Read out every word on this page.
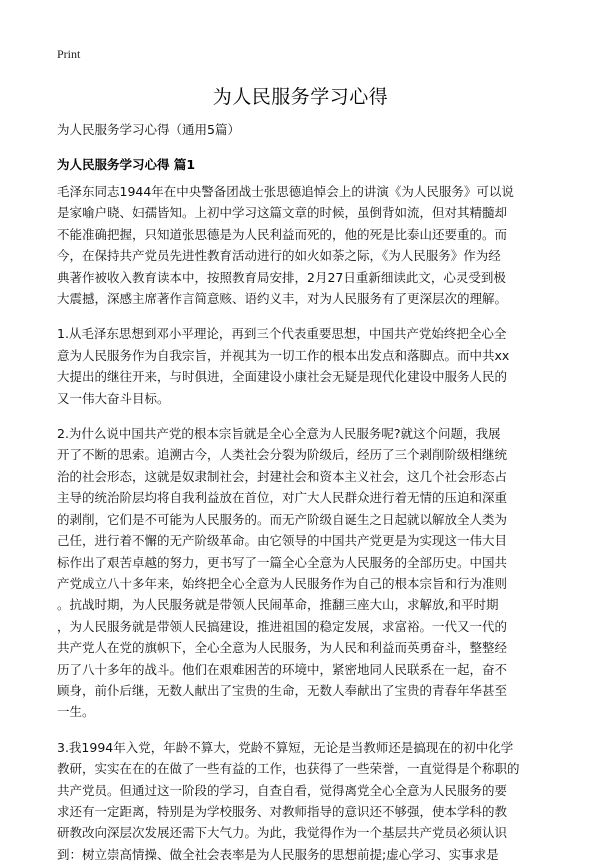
Print
为人民服务学习心得
为人民服务学习心得（通用5篇）
为人民服务学习心得 篇1

毛泽东同志1944年在中央警备团战士张思德追悼会上的讲演《为人民服务》可以说
是家喻户晓、妇孺皆知。上初中学习这篇文章的时候，虽倒背如流，但对其精髓却
不能准确把握，只知道张思德是为人民利益而死的，他的死是比泰山还要重的。而
今，在保持共产党员先进性教育活动进行的如火如荼之际，《为人民服务》作为经
典著作被收入教育读本中，按照教育局安排，2月27日重新细读此文，心灵受到极
大震撼，深感主席著作言简意赅、语约义丰，对为人民服务有了更深层次的理解。

1.从毛泽东思想到邓小平理论，再到三个代表重要思想，中国共产党始终把全心全
意为人民服务作为自我宗旨，并视其为一切工作的根本出发点和落脚点。而中共xx
大提出的继往开来，与时俱进，全面建设小康社会无疑是现代化建设中服务人民的
又一伟大奋斗目标。

2.为什么说中国共产党的根本宗旨就是全心全意为人民服务呢?就这个问题，我展
开了不断的思索。追溯古今，人类社会分裂为阶级后，经历了三个剥削阶级相继统
治的社会形态，这就是奴隶制社会，封建社会和资本主义社会，这几个社会形态占
主导的统治阶层均将自我利益放在首位，对广大人民群众进行着无情的压迫和深重
的剥削，它们是不可能为人民服务的。而无产阶级自诞生之日起就以解放全人类为
己任，进行着不懈的无产阶级革命。由它领导的中国共产党更是为实现这一伟大目
标作出了艰苦卓越的努力，更书写了一篇全心全意为人民服务的全部历史。中国共
产党成立八十多年来，始终把全心全意为人民服务作为自己的根本宗旨和行为准则
。抗战时期，为人民服务就是带领人民闹革命，推翻三座大山，求解放,和平时期
，为人民服务就是带领人民搞建设，推进祖国的稳定发展，求富裕。一代又一代的
共产党人在党的旗帜下，全心全意为人民服务，为人民和利益而英勇奋斗，整整经
历了八十多年的战斗。他们在艰难困苦的环境中，紧密地同人民联系在一起，奋不
顾身，前仆后继，无数人献出了宝贵的生命，无数人奉献出了宝贵的青春年华甚至
一生。

3.我1994年入党，年龄不算大，党龄不算短，无论是当教师还是搞现在的初中化学
教研，实实在在的在做了一些有益的工作，也获得了一些荣誉，一直觉得是个称职的
共产党员。但通过这一阶段的学习，自查自看，觉得离党全心全意为人民服务的要
求还有一定距离，特别是为学校服务、对教师指导的意识还不够强，使本学科的教
研教改向深层次发展还需下大气力。为此，我觉得作为一个基层共产党员必须认识
到：树立崇高情操、做全社会表率是为人民服务的思想前提;虚心学习、实事求是
